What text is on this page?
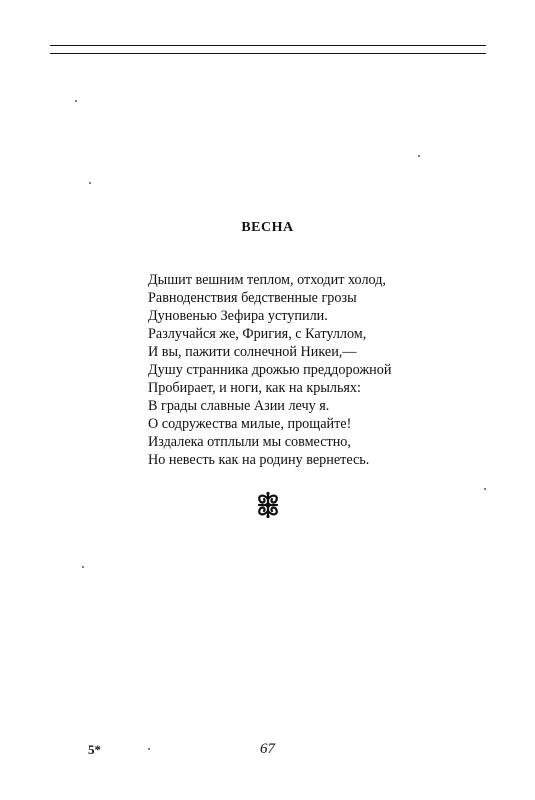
ВЕСНА
Дышит вешним теплом, отходит холод,
Равноденствия бедственные грозы
Дуновенью Зефира уступили.
Разлучайся же, Фригия, с Катуллом,
И вы, пажити солнечной Никеи,—
Душу странника дрожью преддорожной
Пробирает, и ноги, как на крыльях:
В грады славные Азии лечу я.
О содружества милые, прощайте!
Издалека отплыли мы совместно,
Но невесть как на родину вернетесь.
5*	67
